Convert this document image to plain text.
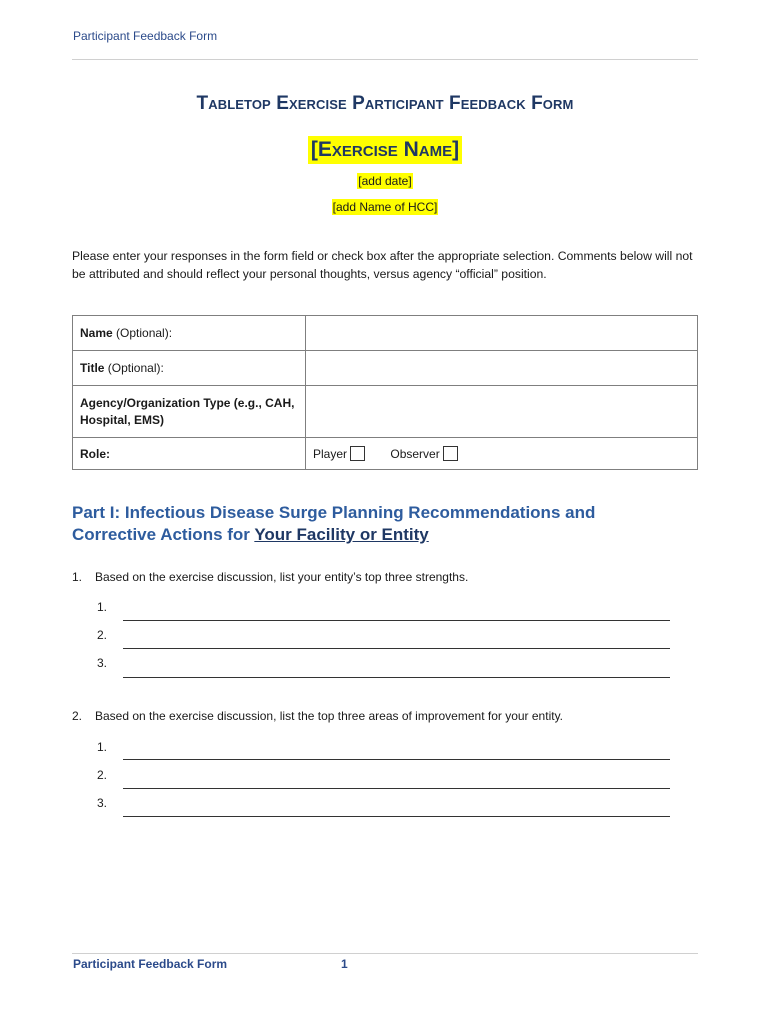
Participant Feedback Form
Tabletop Exercise Participant Feedback Form
[Exercise Name]
[add date]
[add Name of HCC]
Please enter your responses in the form field or check box after the appropriate selection. Comments below will not be attributed and should reflect your personal thoughts, versus agency “official” position.
Name (Optional):	
Title (Optional):	
Agency/Organization Type (e.g., CAH, Hospital, EMS)	
Role:	Player Observer
Part I: Infectious Disease Surge Planning Recommendations and Corrective Actions for Your Facility or Entity
1. Based on the exercise discussion, list your entity’s top three strengths.
1.
2.
3.
2. Based on the exercise discussion, list the top three areas of improvement for your entity.
1.
2.
3.
Participant Feedback Form	1
